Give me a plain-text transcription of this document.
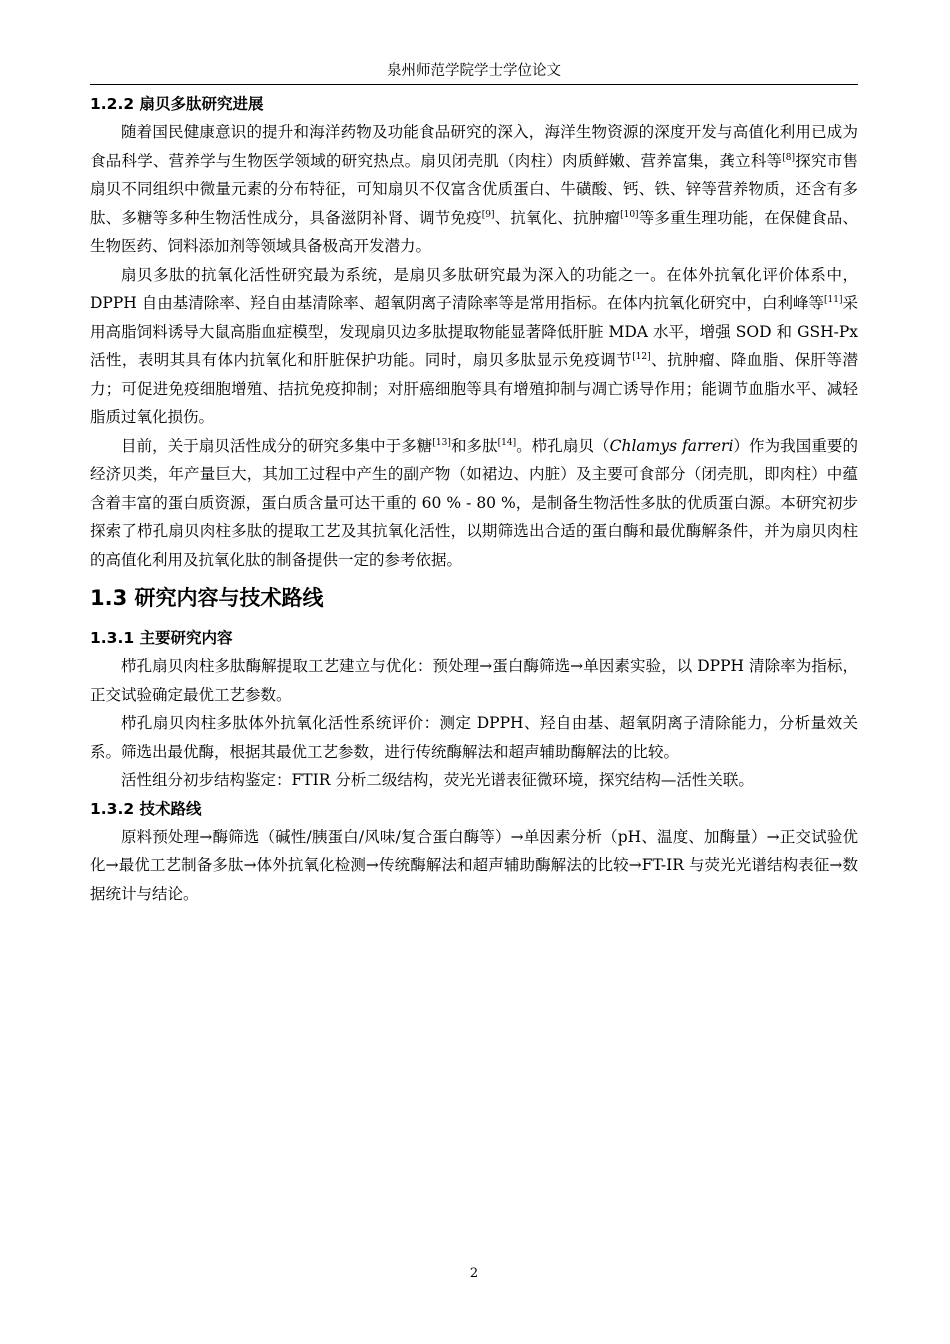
泉州师范学院学士学位论文
1.2.2 扇贝多肽研究进展

随着国民健康意识的提升和海洋药物及功能食品研究的深入，海洋生物资源的深度开发与高值化利用已成为食品科学、营养学与生物医学领域的研究热点。扇贝闭壳肌（肉柱）肉质鲜嫩、营养富集，龚立科等[8]探究市售扇贝不同组织中微量元素的分布特征，可知扇贝不仅富含优质蛋白、牛磺酸、钙、铁、锌等营养物质，还含有多肽、多糖等多种生物活性成分，具备滋阴补肾、调节免疫[9]、抗氧化、抗肿瘤[10]等多重生理功能，在保健食品、生物医药、饲料添加剂等领域具备极高开发潜力。

扇贝多肽的抗氧化活性研究最为系统，是扇贝多肽研究最为深入的功能之一。在体外抗氧化评价体系中，DPPH 自由基清除率、羟自由基清除率、超氧阴离子清除率等是常用指标。在体内抗氧化研究中，白利峰等[11]采用高脂饲料诱导大鼠高脂血症模型，发现扇贝边多肽提取物能显著降低肝脏 MDA 水平，增强 SOD 和 GSH-Px 活性，表明其具有体内抗氧化和肝脏保护功能。同时，扇贝多肽显示免疫调节[12]、抗肿瘤、降血脂、保肝等潜力；可促进免疫细胞增殖、拮抗免疫抑制；对肝癌细胞等具有增殖抑制与凋亡诱导作用；能调节血脂水平、减轻脂质过氧化损伤。

目前，关于扇贝活性成分的研究多集中于多糖[13]和多肽[14]。栉孔扇贝（Chlamys farreri）作为我国重要的经济贝类，年产量巨大，其加工过程中产生的副产物（如裙边、内脏）及主要可食部分（闭壳肌，即肉柱）中蕴含着丰富的蛋白质资源，蛋白质含量可达干重的 60 % - 80 %，是制备生物活性多肽的优质蛋白源。本研究初步探索了栉孔扇贝肉柱多肽的提取工艺及其抗氧化活性，以期筛选出合适的蛋白酶和最优酶解条件，并为扇贝肉柱的高值化利用及抗氧化肽的制备提供一定的参考依据。

1.3 研究内容与技术路线
1.3.1 主要研究内容

栉孔扇贝肉柱多肽酶解提取工艺建立与优化：预处理→蛋白酶筛选→单因素实验，以 DPPH 清除率为指标，正交试验确定最优工艺参数。

栉孔扇贝肉柱多肽体外抗氧化活性系统评价：测定 DPPH、羟自由基、超氧阴离子清除能力，分析量效关系。筛选出最优酶，根据其最优工艺参数，进行传统酶解法和超声辅助酶解法的比较。

活性组分初步结构鉴定：FTIR 分析二级结构，荧光光谱表征微环境，探究结构—活性关联。

1.3.2 技术路线

原料预处理→酶筛选（碱性/胰蛋白/风味/复合蛋白酶等）→单因素分析（pH、温度、加酶量）→正交试验优化→最优工艺制备多肽→体外抗氧化检测→传统酶解法和超声辅助酶解法的比较→FT-IR 与荧光光谱结构表征→数据统计与结论。

2
